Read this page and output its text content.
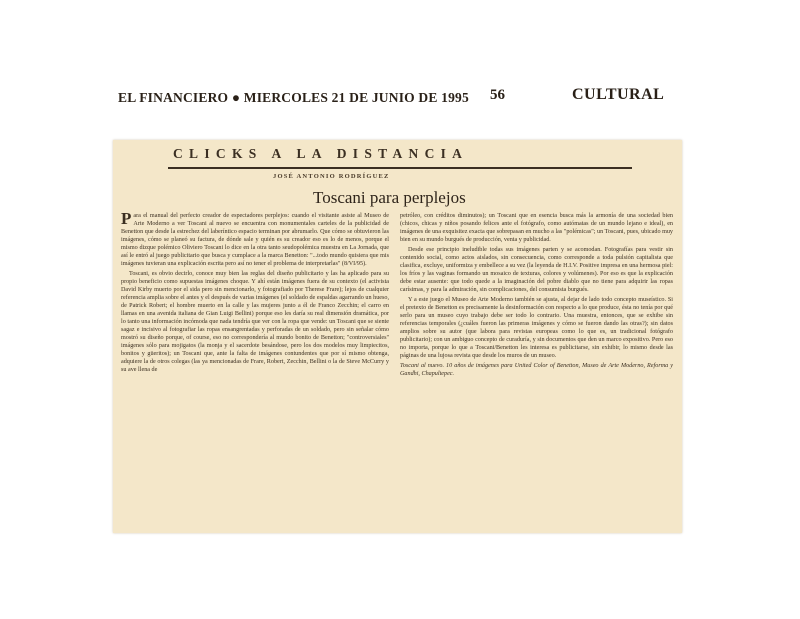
EL FINANCIERO ● MIERCOLES 21 DE JUNIO DE 1995 56	CULTURAL
CLICKS A LA DISTANCIA
JOSÉ ANTONIO RODRÍGUEZ
Toscani para perplejos

Para el manual del perfecto creador de espectadores perplejos: cuando el visitante asiste al Museo de Arte Moderno a ver Toscani al nuevo se encuentra con monumentales carteles de la publicidad de Benetton que desde la estrechez del laberíntico espacio terminan por abrumarlo. Que cómo se obtuvieron las imágenes, cómo se planeó su factura, de dónde sale y quién es su creador eso es lo de menos, porque el mismo dizque polémico Oliviero Toscani lo dice en la otra tanto seudopolémica muestra en La Jornada, que así le entró al juego publicitario que busca y cumplace a la marca Benetton: "...todo mundo quisiera que mis imágenes tuvieran una explicación escrita pero así no tener el problema de interpretarlas" (8/VI/95).

Toscani, es obvio decirlo, conoce muy bien las reglas del diseño publicitario y las ha aplicado para su propio beneficio como supuestas imágenes choque. Y ahí están imágenes fuera de su contexto (el activista David Kirby muerto por el sida pero sin mencionarlo, y fotografiado por Therese Frare); lejos de cualquier referencia amplia sobre el antes y el después de varias imágenes (el soldado de espaldas agarrando un hueso, de Patrick Robert; el hombre muerto en la calle y las mujeres junto a él de Franco Zecchin; el carro en llamas en una avenida italiana de Gian Luigi Bellini) porque eso les daría su real dimensión dramática, por lo tanto una información incómoda que nada tendría que ver con la ropa que vende: un Toscani que se siente sagaz e incisivo al fotografiar las ropas ensangrentadas y perforadas de un soldado, pero sin señalar cómo mostró su diseño porque, of course, eso no correspondería al mundo bonito de Benetton; "controversiales" imágenes sólo para mojigatos (la monja y el sacerdote besándose, pero los dos modelos muy limpiecitos, bonitos y güeritos); un Toscani que, ante la falta de imágenes contundentes que por sí mismo obtenga, adquiere la de otros colegas (las ya mencionadas de Frare, Robert, Zecchin, Bellini o la de Steve McCurry y su ave llena de

petróleo, con créditos diminutos); un Toscani que en esencia busca más la armonía de una sociedad bien (chicos, chicas y niños posando felices ante el fotógrafo, como autómatas de un mundo lejano e ideal), en imágenes de una exquisitez exacta que sobrepasan en mucho a las "polémicas"; un Toscani, pues, ubicado muy bien en su mundo burgués de producción, venta y publicidad.

Desde ese principio ineludible todas sus imágenes parten y se acomodan. Fotografías para vestir sin contenido social, como actos aislados, sin consecuencia, como corresponde a toda pulsión capitalista que clasifica, excluye, uniformiza y embellece a su vez (la leyenda de H.I.V. Positive impresa en una hermosa piel: los fríos y las vaginas formando un mosaico de texturas, colores y volúmenes). Por eso es que la explicación debe estar ausente: que todo quede a la imaginación del pobre diablo que no tiene para adquirir las ropas carísimas, y para la admiración, sin complicaciones, del consumista burgués.

Y a este juego el Museo de Arte Moderno también se ajusta, al dejar de lado todo concepto museístico. Si el pretexto de Benetton es precisamente la desinformación con respecto a lo que produce, ésta no tenía por qué serlo para un museo cuyo trabajo debe ser todo lo contrario. Una muestra, entonces, que se exhibe sin referencias temporales (¿cuáles fueron las primeras imágenes y cómo se fueron dando las otras?); sin datos amplios sobre su autor (que labora para revistas europeas como lo que es, un tradicional fotógrafo publicitario); con un ambiguo concepto de curaduría, y sin documentos que den un marco expositivo. Pero eso no importa, porque lo que a Toscani/Benetton les interesa es publicitarse, sin exhibir, lo mismo desde las páginas de una lujosa revista que desde los muros de un museo.

Toscani al nuevo. 10 años de imágenes para United Color of Benetton, Museo de Arte Moderno, Reforma y Gandhi, Chapultepec.
